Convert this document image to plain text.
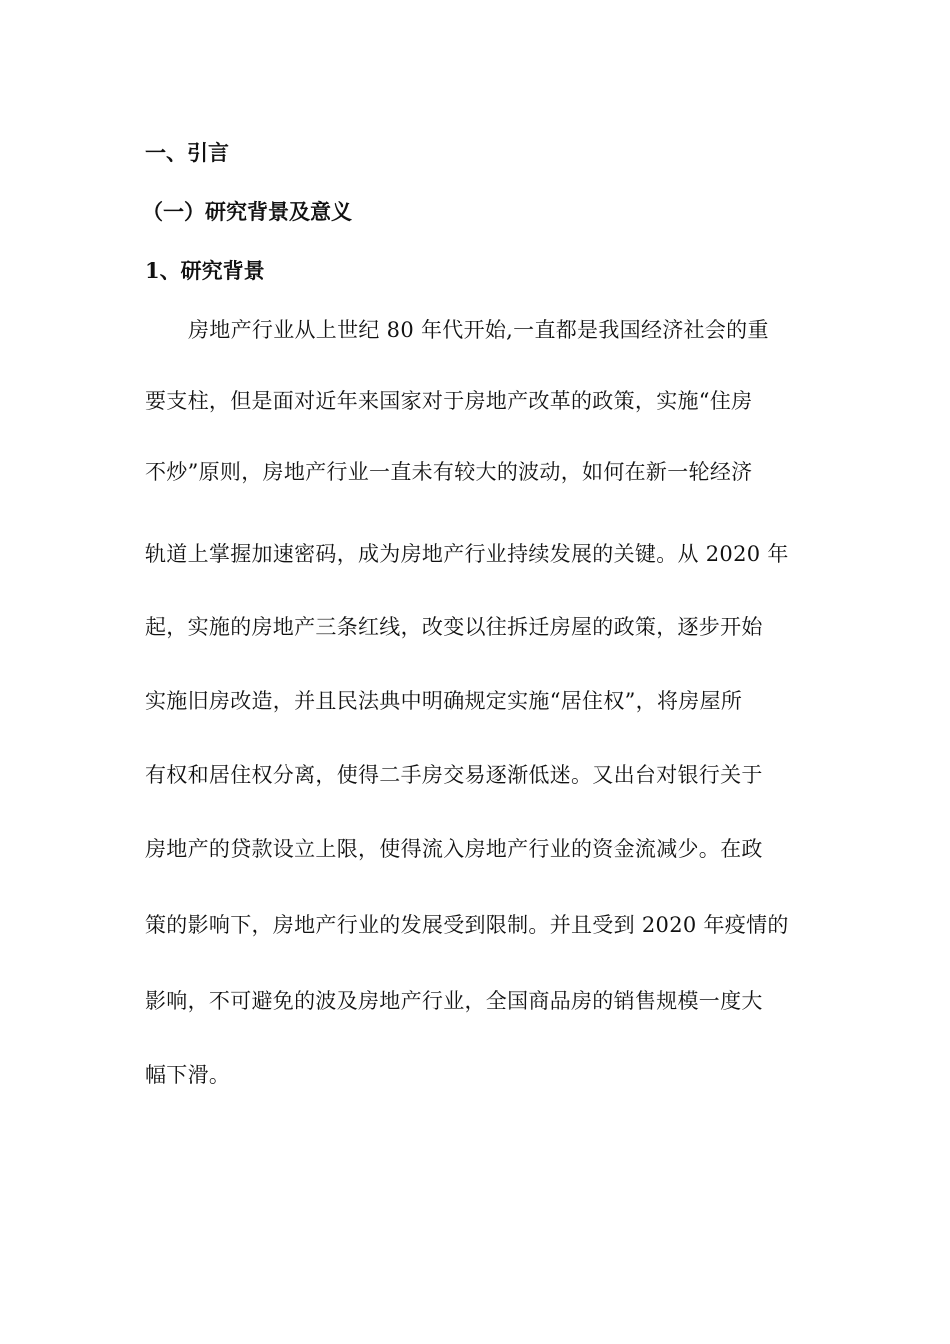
一、引言
（一）研究背景及意义
1、研究背景
房地产行业从上世纪 80 年代开始,一直都是我国经济社会的重
要支柱，但是面对近年来国家对于房地产改革的政策，实施“住房
不炒”原则，房地产行业一直未有较大的波动，如何在新一轮经济
轨道上掌握加速密码，成为房地产行业持续发展的关键。从 2020 年
起，实施的房地产三条红线，改变以往拆迁房屋的政策，逐步开始
实施旧房改造，并且民法典中明确规定实施“居住权”，将房屋所
有权和居住权分离，使得二手房交易逐渐低迷。又出台对银行关于
房地产的贷款设立上限，使得流入房地产行业的资金流减少。在政
策的影响下，房地产行业的发展受到限制。并且受到 2020 年疫情的
影响，不可避免的波及房地产行业，全国商品房的销售规模一度大
幅下滑。
